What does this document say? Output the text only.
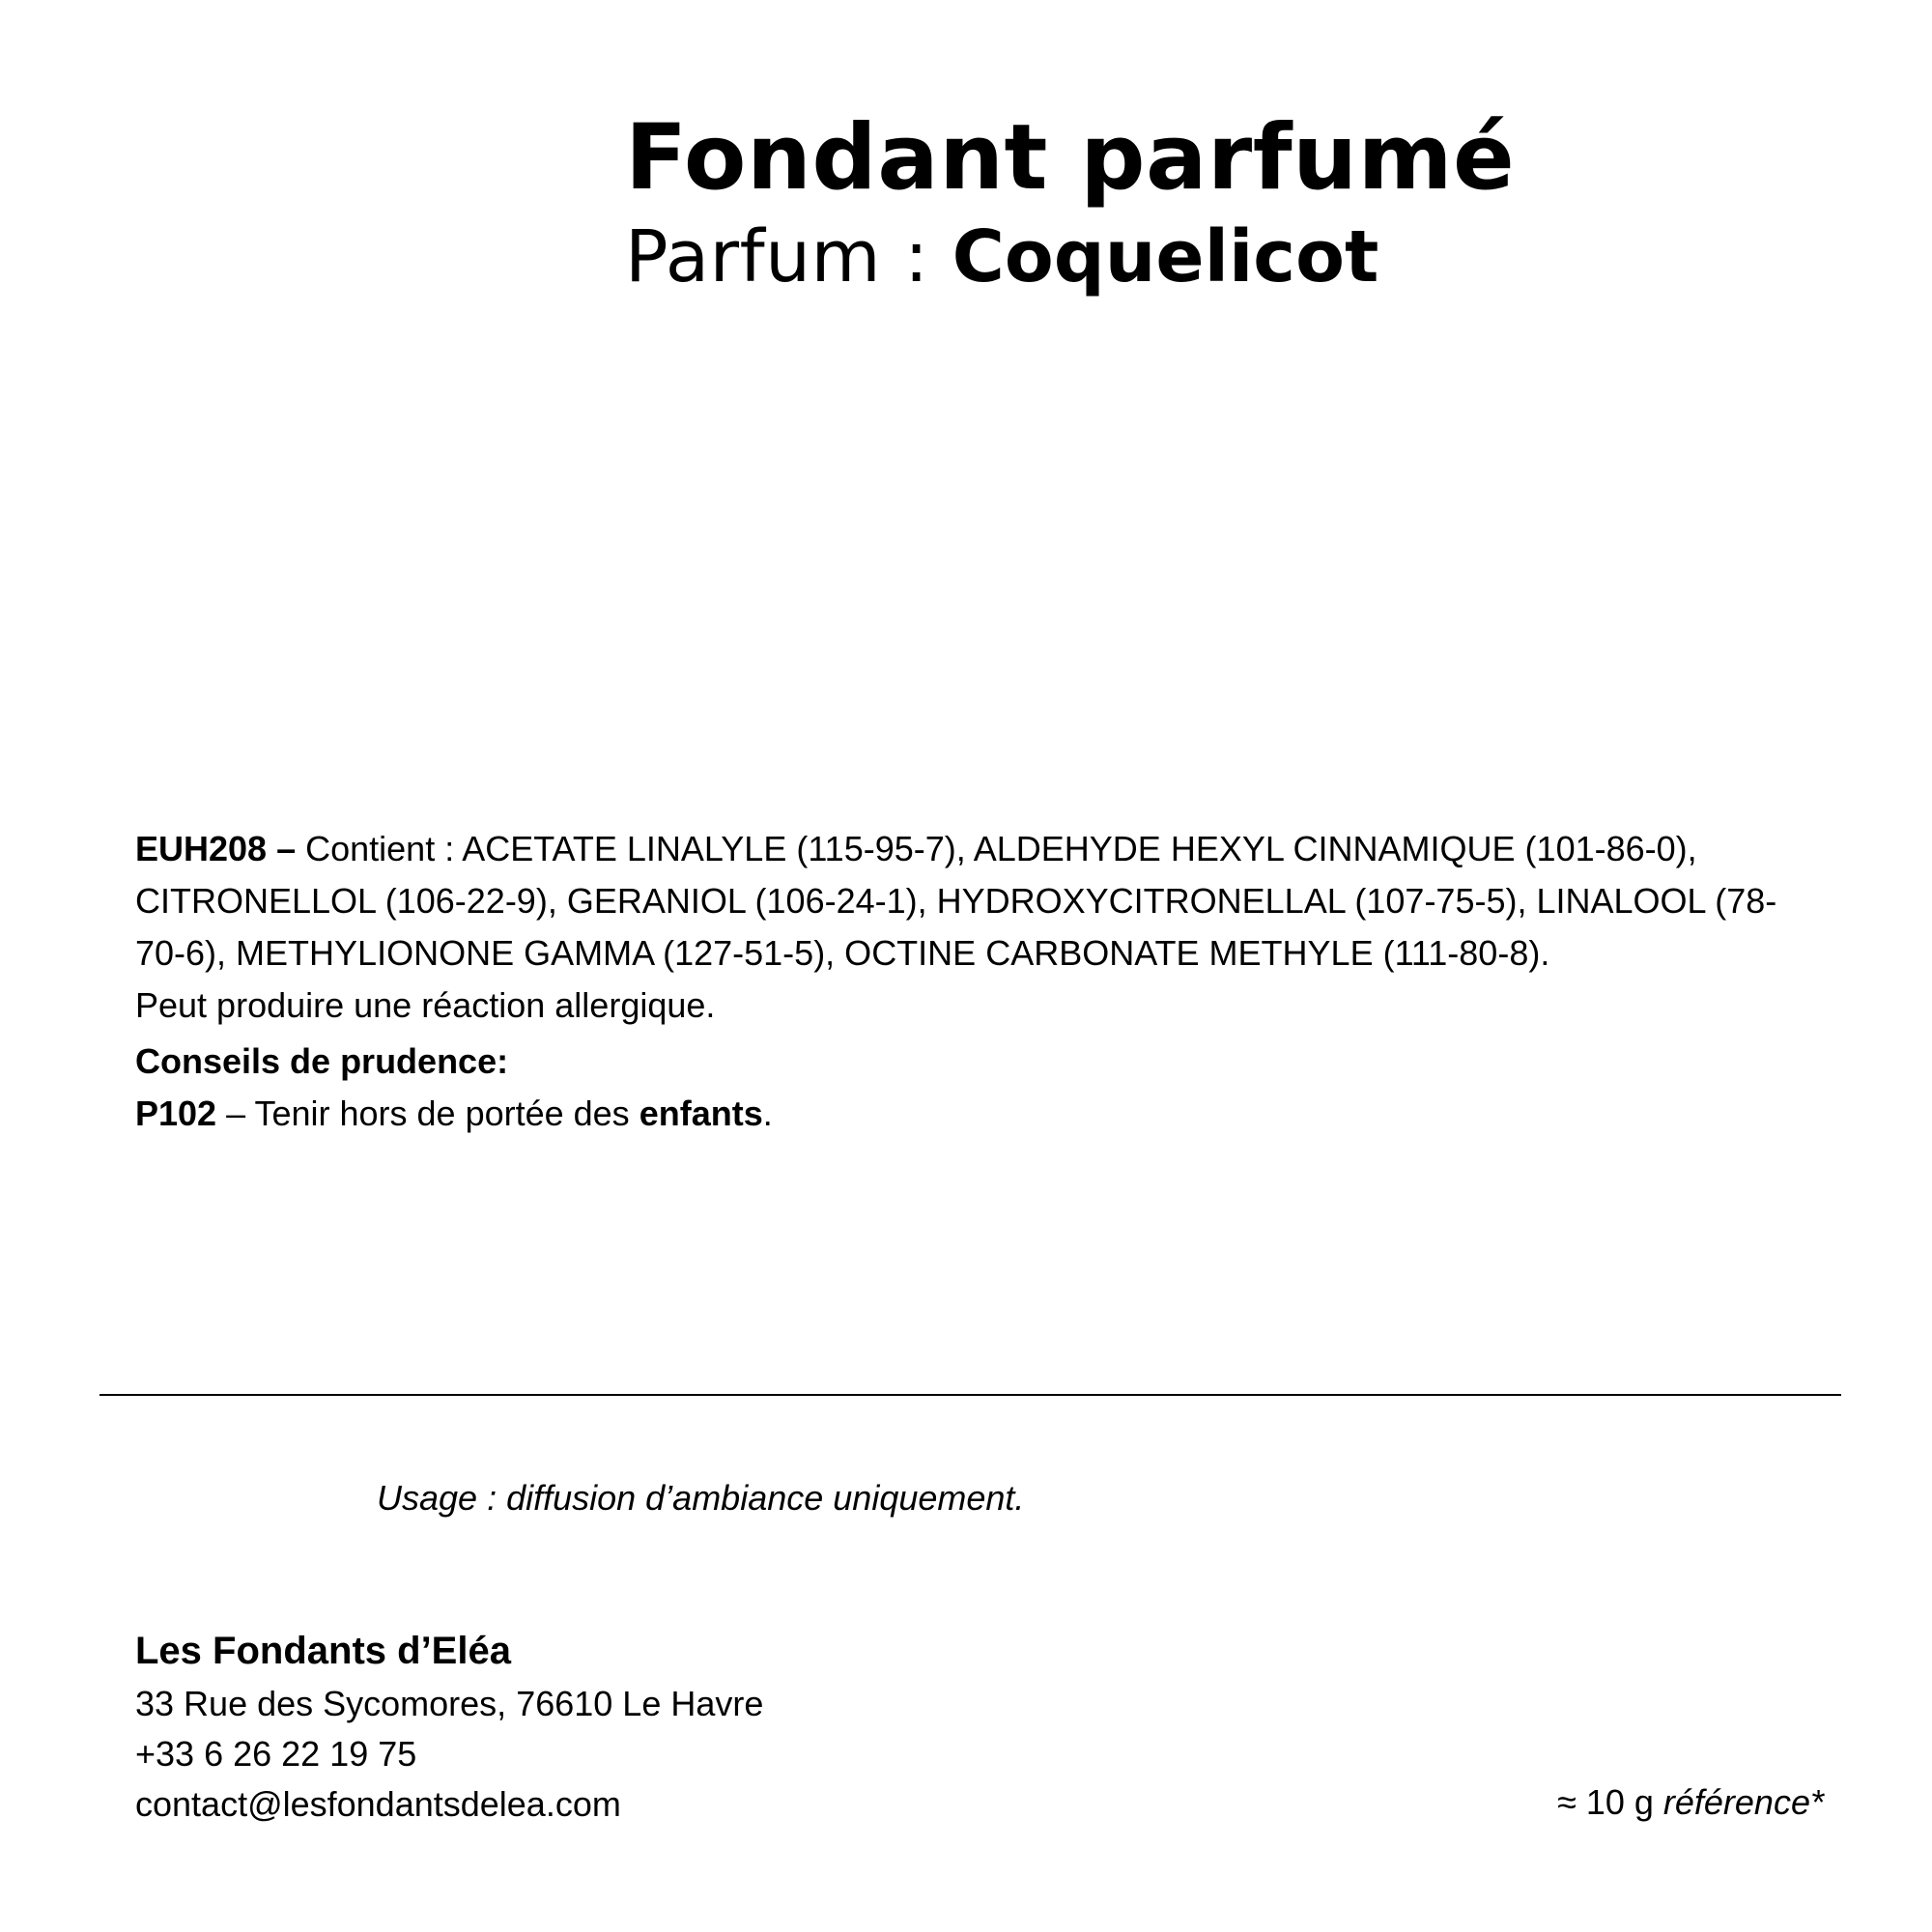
Fondant parfumé
Parfum : Coquelicot

EUH208 – Contient : ACETATE LINALYLE (115-95-7), ALDEHYDE HEXYL CINNAMIQUE (101-86-0), CITRONELLOL (106-22-9), GERANIOL (106-24-1), HYDROXYCITRONELLAL (107-75-5), LINALOOL (78-70-6), METHYLIONONE GAMMA (127-51-5), OCTINE CARBONATE METHYLE (111-80-8).

Peut produire une réaction allergique.

Conseils de prudence:

P102 – Tenir hors de portée des enfants.

Usage : diffusion d’ambiance uniquement.
Les Fondants d’Eléa
33 Rue des Sycomores, 76610 Le Havre
+33 6 26 22 19 75
contact@lesfondantsdelea.com	≈ 10 g référence*
